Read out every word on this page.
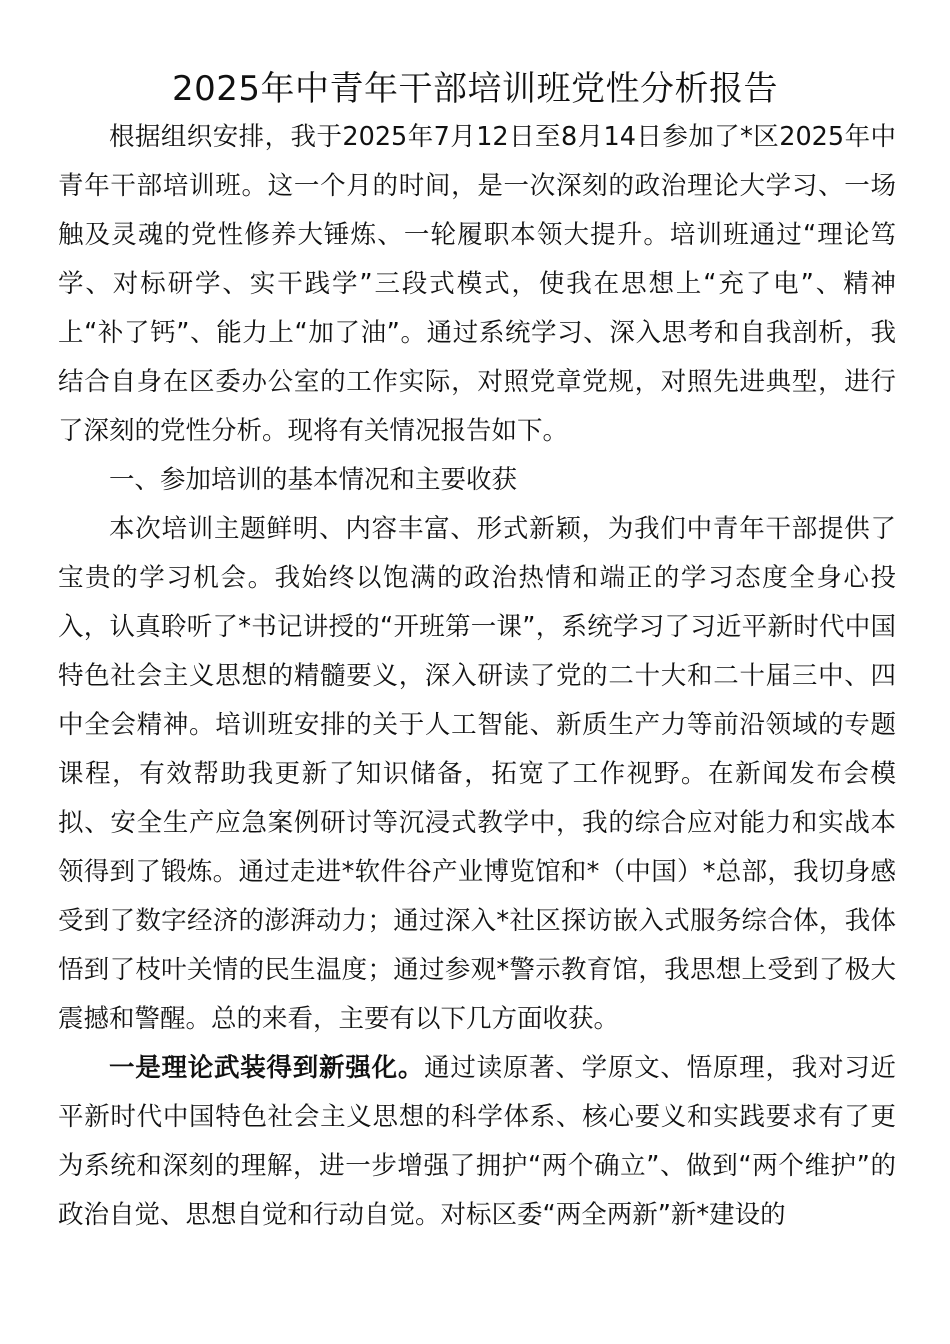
2025年中青年干部培训班党性分析报告

根据组织安排，我于2025年7月12日至8月14日参加了*区2025年中青年干部培训班。这一个月的时间，是一次深刻的政治理论大学习、一场触及灵魂的党性修养大锤炼、一轮履职本领大提升。培训班通过“理论笃学、对标研学、实干践学”三段式模式，使我在思想上“充了电”、精神上“补了钙”、能力上“加了油”。通过系统学习、深入思考和自我剖析，我结合自身在区委办公室的工作实际，对照党章党规，对照先进典型，进行了深刻的党性分析。现将有关情况报告如下。

一、参加培训的基本情况和主要收获

本次培训主题鲜明、内容丰富、形式新颖，为我们中青年干部提供了宝贵的学习机会。我始终以饱满的政治热情和端正的学习态度全身心投入，认真聆听了*书记讲授的“开班第一课”，系统学习了习近平新时代中国特色社会主义思想的精髓要义，深入研读了党的二十大和二十届三中、四中全会精神。培训班安排的关于人工智能、新质生产力等前沿领域的专题课程，有效帮助我更新了知识储备，拓宽了工作视野。在新闻发布会模拟、安全生产应急案例研讨等沉浸式教学中，我的综合应对能力和实战本领得到了锻炼。通过走进*软件谷产业博览馆和*（中国）*总部，我切身感受到了数字经济的澎湃动力；通过深入*社区探访嵌入式服务综合体，我体悟到了枝叶关情的民生温度；通过参观*警示教育馆，我思想上受到了极大震撼和警醒。总的来看，主要有以下几方面收获。

一是理论武装得到新强化。通过读原著、学原文、悟原理，我对习近平新时代中国特色社会主义思想的科学体系、核心要义和实践要求有了更为系统和深刻的理解，进一步增强了拥护“两个确立”、做到“两个维护”的政治自觉、思想自觉和行动自觉。对标区委“两全两新”新*建设的
